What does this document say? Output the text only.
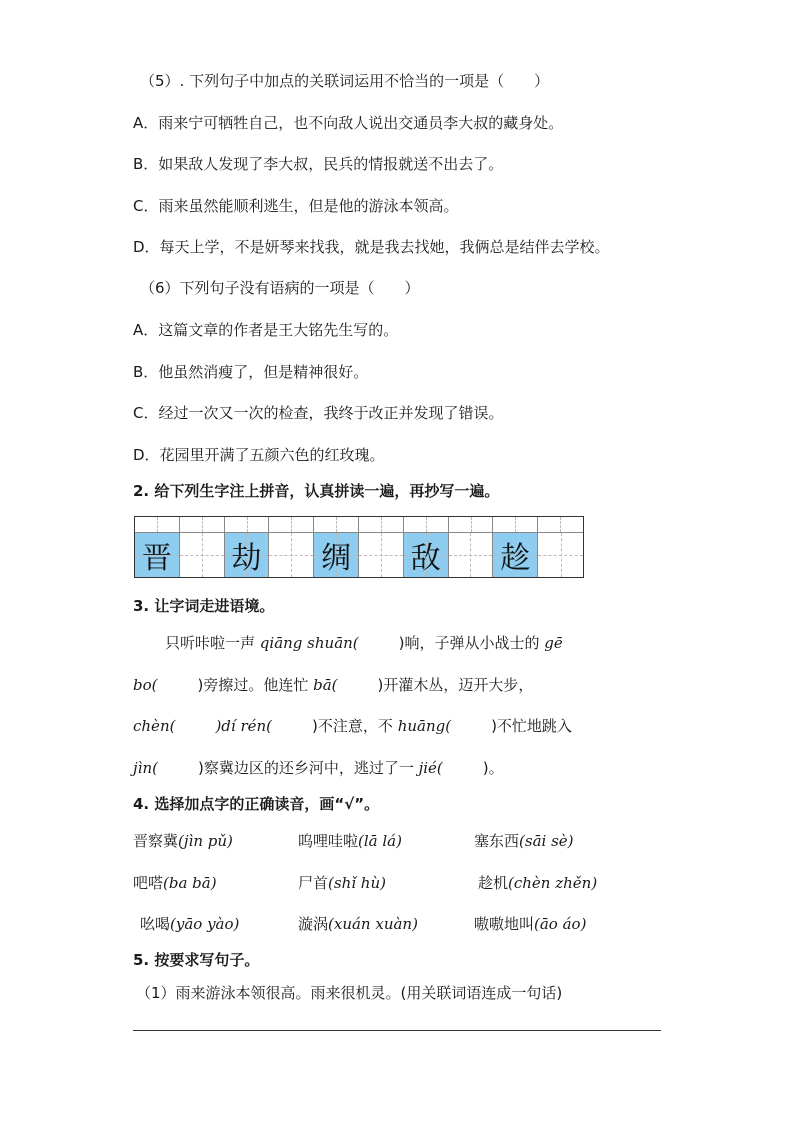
（5）. 下列句子中加点的关联词运用不恰当的一项是（　　）
A．雨来宁可牺牲自己，也不向敌人说出交通员李大叔的藏身处。
B．如果敌人发现了李大叔，民兵的情报就送不出去了。
C．雨来虽然能顺利逃生，但是他的游泳本领高。
D．每天上学，不是妍琴来找我，就是我去找她，我俩总是结伴去学校。
（6）下列句子没有语病的一项是（　　）
A．这篇文章的作者是王大铭先生写的。
B．他虽然消瘦了，但是精神很好。
C．经过一次又一次的检查，我终于改正并发现了错误。
D．花园里开满了五颜六色的红玫瑰。
2. 给下列生字注上拼音，认真拼读一遍，再抄写一遍。
晋 劫 绸 敌 趁
3. 让字词走进语境。
只听咔啦一声 qiāng shuān(	)响，子弹从小战士的 gē
bo(	)旁擦过。他连忙 bā(	)开灌木丛，迈开大步，
chèn(	)dí rén(	)不注意，不 huāng(	)不忙地跳入
jìn(	)察冀边区的还乡河中，逃过了一 jié(	)。
4. 选择加点字的正确读音，画“√”。
晋察冀(jìn pǔ)	呜哩哇啦(lā lá)	塞东西(sāi sè)
吧嗒(ba bā)	尸首(shǐ hù)	趁机(chèn zhěn)
吆喝(yāo yào)	漩涡(xuán xuàn)	嗷嗷地叫(āo áo)
5. 按要求写句子。
（1）雨来游泳本领很高。雨来很机灵。(用关联词语连成一句话)
